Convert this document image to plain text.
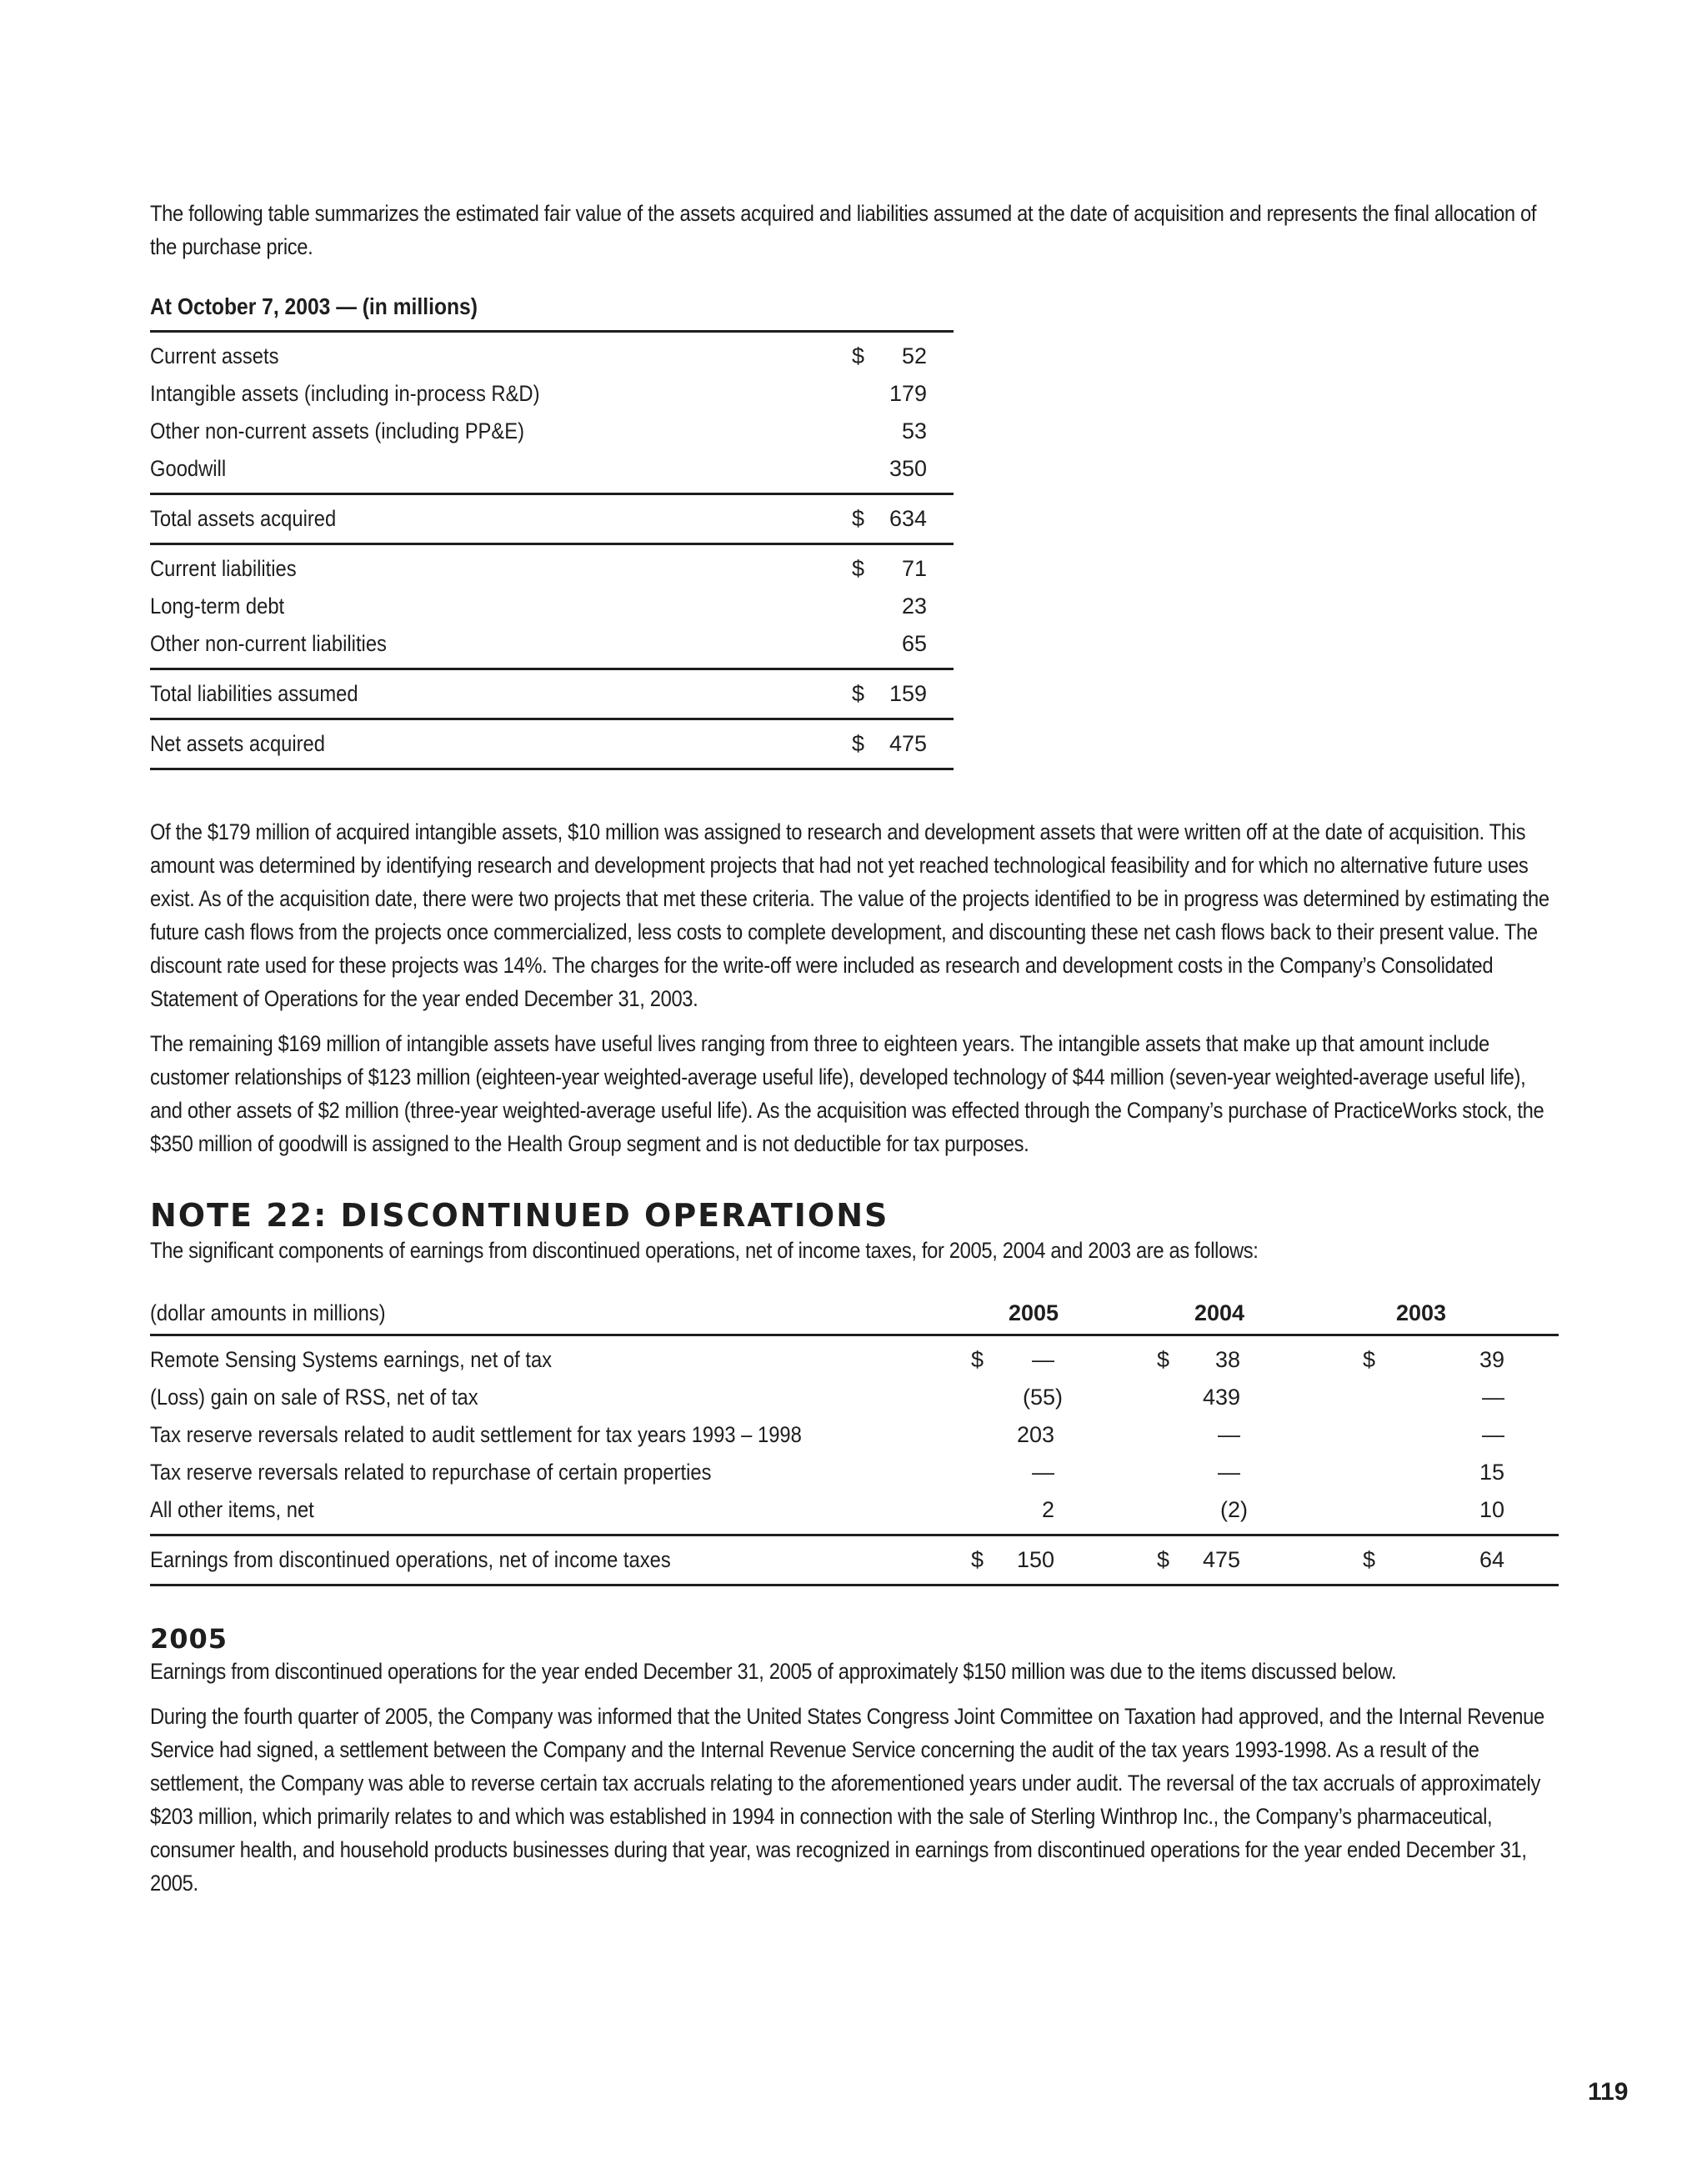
The following table summarizes the estimated fair value of the assets acquired and liabilities assumed at the date of acquisition and represents the final allocation of the purchase price.

At October 7, 2003 — (in millions)
Current assets	$	52
Intangible assets (including in-process R&D)	179
Other non-current assets (including PP&E)	53
Goodwill	350
Total assets acquired	$	634
Current liabilities	$	71
Long-term debt	23
Other non-current liabilities	65
Total liabilities assumed	$	159
Net assets acquired	$	475

Of the $179 million of acquired intangible assets, $10 million was assigned to research and development assets that were written off at the date of acquisition. This amount was determined by identifying research and development projects that had not yet reached technological feasibility and for which no alternative future uses exist. As of the acquisition date, there were two projects that met these criteria. The value of the projects identified to be in progress was determined by estimating the future cash flows from the projects once commercialized, less costs to complete development, and discounting these net cash flows back to their present value. The discount rate used for these projects was 14%. The charges for the write-off were included as research and development costs in the Company’s Consolidated Statement of Operations for the year ended December 31, 2003.

The remaining $169 million of intangible assets have useful lives ranging from three to eighteen years. The intangible assets that make up that amount include customer relationships of $123 million (eighteen-year weighted-average useful life), developed technology of $44 million (seven-year weighted-average useful life), and other assets of $2 million (three-year weighted-average useful life). As the acquisition was effected through the Company’s purchase of PracticeWorks stock, the $350 million of goodwill is assigned to the Health Group segment and is not deductible for tax purposes.

NOTE 22: DISCONTINUED OPERATIONS

The significant components of earnings from discontinued operations, net of income taxes, for 2005, 2004 and 2003 are as follows:

(dollar amounts in millions)	2005	2004	2003
Remote Sensing Systems earnings, net of tax	$	—	$	38	$	39
(Loss) gain on sale of RSS, net of tax	(55)	439	—
Tax reserve reversals related to audit settlement for tax years 1993 – 1998	203	—	—
Tax reserve reversals related to repurchase of certain properties	—	—	15
All other items, net	2	(2)	10
Earnings from discontinued operations, net of income taxes	$	150	$	475	$	64
2005

Earnings from discontinued operations for the year ended December 31, 2005 of approximately $150 million was due to the items discussed below.

During the fourth quarter of 2005, the Company was informed that the United States Congress Joint Committee on Taxation had approved, and the Internal Revenue Service had signed, a settlement between the Company and the Internal Revenue Service concerning the audit of the tax years 1993-1998. As a result of the settlement, the Company was able to reverse certain tax accruals relating to the aforementioned years under audit. The reversal of the tax accruals of approximately $203 million, which primarily relates to and which was established in 1994 in connection with the sale of Sterling Winthrop Inc., the Company’s pharmaceutical, consumer health, and household products businesses during that year, was recognized in earnings from discontinued operations for the year ended December 31, 2005.

119
